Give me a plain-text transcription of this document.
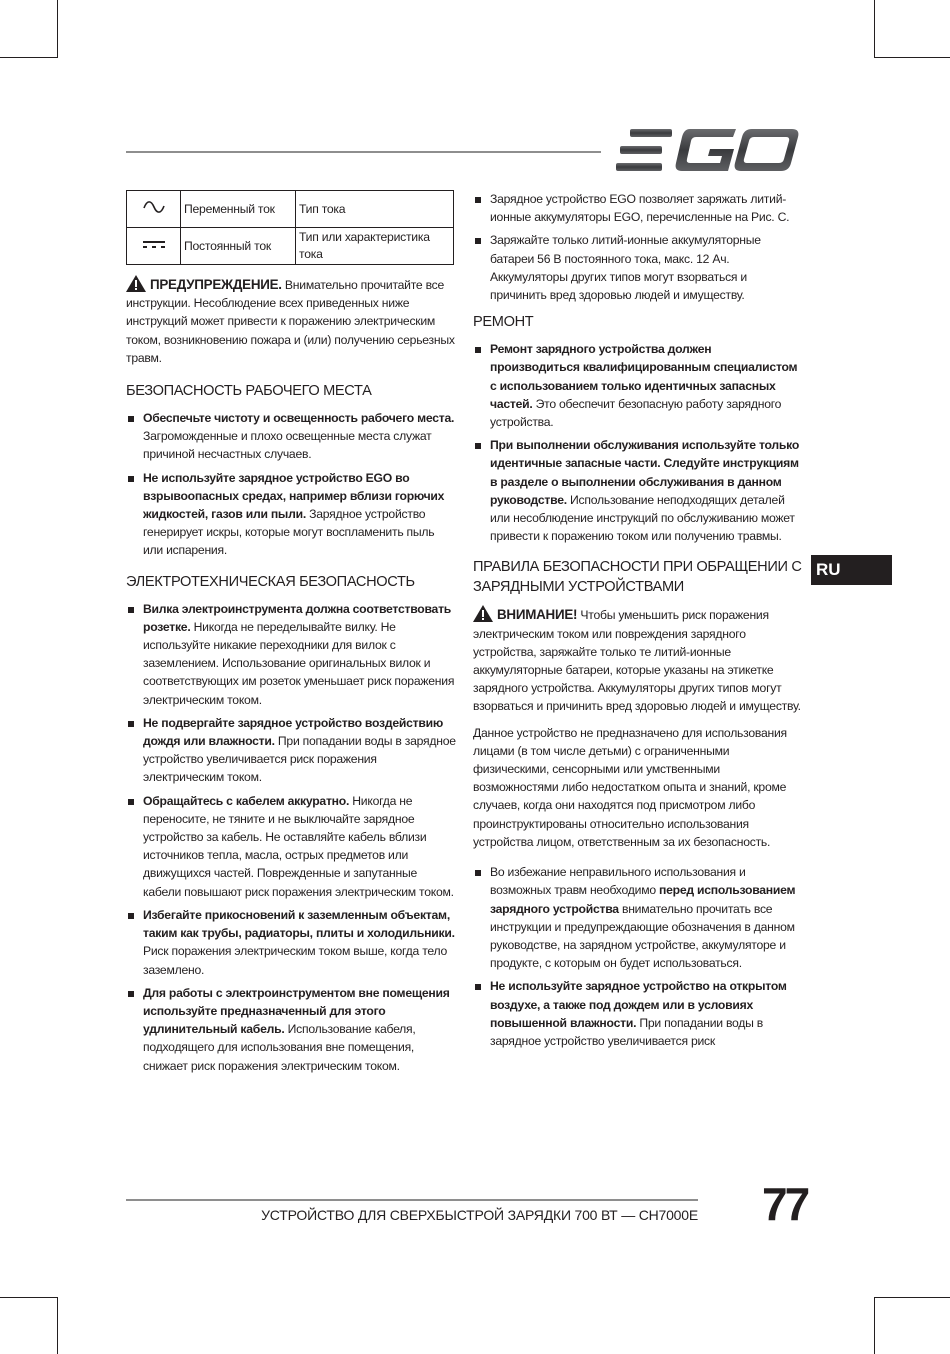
	Переменный ток	Тип тока
	Постоянный ток	Тип или характеристика тока

ПРЕДУПРЕЖДЕНИЕ. Внимательно прочитайте все инструкции. Несоблюдение всех приведенных ниже инструкций может привести к поражению электрическим током, возникновению пожара и (или) получению серьезных травм.

БЕЗОПАСНОСТЬ РАБОЧЕГО МЕСТА
Обеспечьте чистоту и освещенность рабочего места. Загроможденные и плохо освещенные места служат причиной несчастных случаев.
Не используйте зарядное устройство EGO во взрывоопасных средах, например вблизи горючих жидкостей, газов или пыли. Зарядное устройство генерирует искры, которые могут воспламенить пыль или испарения.
ЭЛЕКТРОТЕХНИЧЕСКАЯ БЕЗОПАСНОСТЬ
Вилка электроинструмента должна соответствовать розетке. Никогда не переделывайте вилку. Не используйте никакие переходники для вилок с заземлением. Использование оригинальных вилок и соответствующих им розеток уменьшает риск поражения электрическим током.
Не подвергайте зарядное устройство воздействию дождя или влажности. При попадании воды в зарядное устройство увеличивается риск поражения электрическим током.
Обращайтесь с кабелем аккуратно. Никогда не переносите, не тяните и не выключайте зарядное устройство за кабель. Не оставляйте кабель вблизи источников тепла, масла, острых предметов или движущихся частей. Поврежденные и запутанные кабели повышают риск поражения электрическим током.
Избегайте прикосновений к заземленным объектам, таким как трубы, радиаторы, плиты и холодильники. Риск поражения электрическим током выше, когда тело заземлено.
Для работы с электроинструментом вне помещения используйте предназначенный для этого удлинительный кабель. Использование кабеля, подходящего для использования вне помещения, снижает риск поражения электрическим током.
Зарядное устройство EGO позволяет заряжать литий-ионные аккумуляторы EGO, перечисленные на Рис. С.
Заряжайте только литий-ионные аккумуляторные батареи 56 В постоянного тока, макс. 12 Ач. Аккумуляторы других типов могут взорваться и причинить вред здоровью людей и имуществу.
РЕМОНТ
Ремонт зарядного устройства должен производиться квалифицированным специалистом с использованием только идентичных запасных частей. Это обеспечит безопасную работу зарядного устройства.
При выполнении обслуживания используйте только идентичные запасные части. Следуйте инструкциям в разделе о выполнении обслуживания в данном руководстве. Использование неподходящих деталей или несоблюдение инструкций по обслуживанию может привести к поражению током или получению травмы.
ПРАВИЛА БЕЗОПАСНОСТИ ПРИ ОБРАЩЕНИИ С ЗАРЯДНЫМИ УСТРОЙСТВАМИ

ВНИМАНИЕ! Чтобы уменьшить риск поражения электрическим током или повреждения зарядного устройства, заряжайте только те литий-ионные аккумуляторные батареи, которые указаны на этикетке зарядного устройства. Аккумуляторы других типов могут взорваться и причинить вред здоровью людей и имуществу.

Данное устройство не предназначено для использования лицами (в том числе детьми) с ограниченными физическими, сенсорными или умственными возможностями либо недостатком опыта и знаний, кроме случаев, когда они находятся под присмотром либо проинструктированы относительно использования устройства лицом, ответственным за их безопасность.

Во избежание неправильного использования и возможных травм необходимо перед использованием зарядного устройства внимательно прочитать все инструкции и предупреждающие обозначения в данном руководстве, на зарядном устройстве, аккумуляторе и продукте, с которым он будет использоваться.
Не используйте зарядное устройство на открытом воздухе, а также под дождем или в условиях повышенной влажности. При попадании воды в зарядное устройство увеличивается риск
RU
УСТРОЙСТВО ДЛЯ СВЕРХБЫСТРОЙ ЗАРЯДКИ 700 ВТ — CH7000E 77
